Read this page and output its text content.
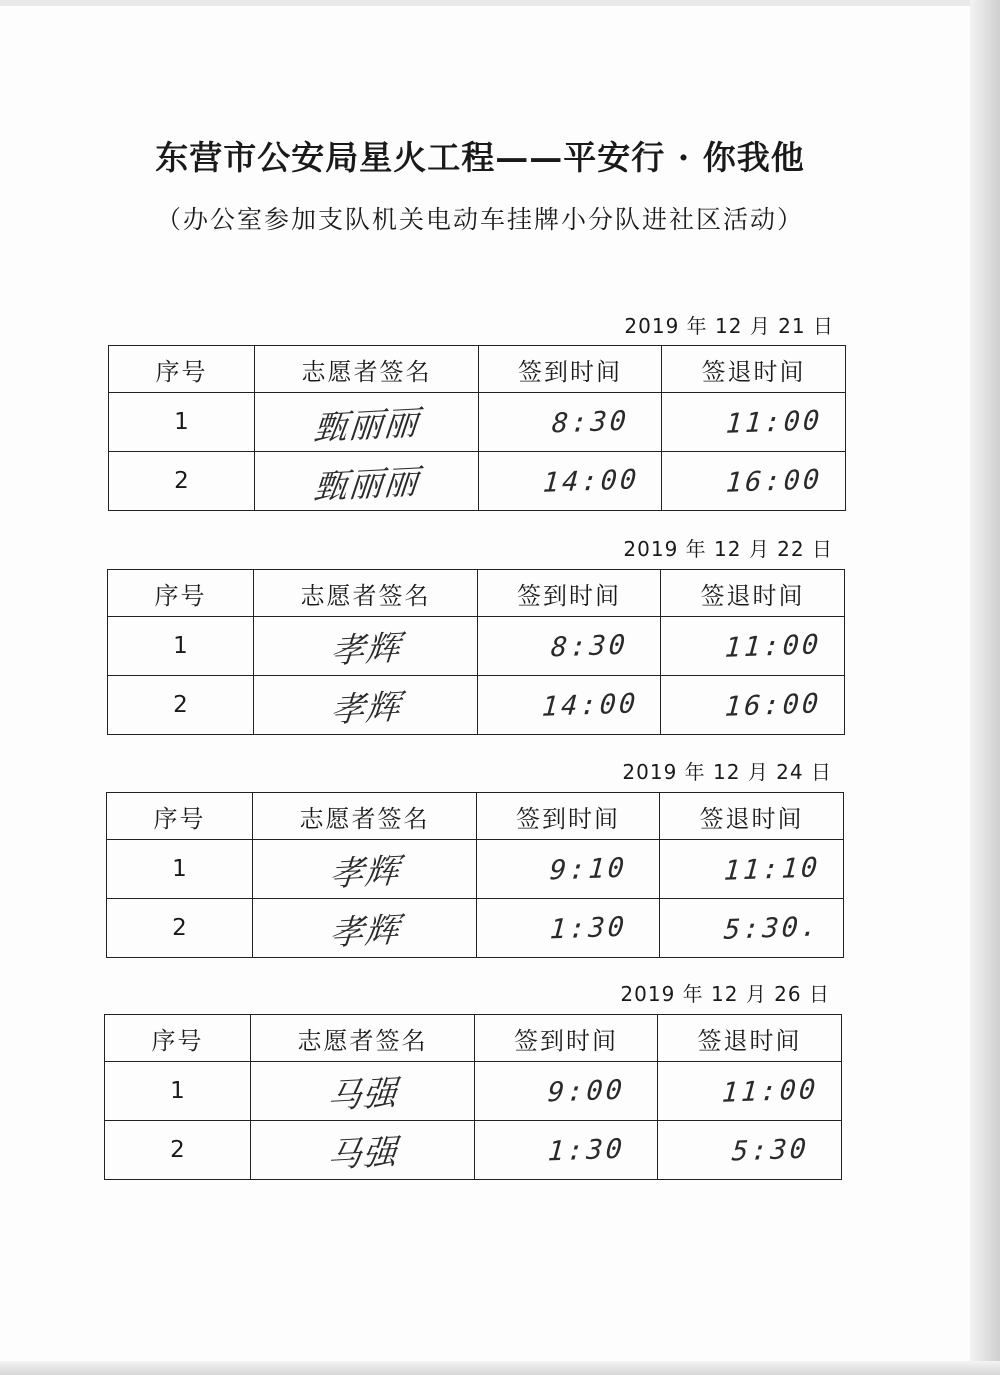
东营市公安局星火工程——平安行 · 你我他
（办公室参加支队机关电动车挂牌小分队进社区活动）
2019 年 12 月 21 日
序号	志愿者签名	签到时间	签退时间
1	甄丽丽	8:30	11:00
2	甄丽丽	14:00	16:00
2019 年 12 月 22 日
序号	志愿者签名	签到时间	签退时间
1	孝辉	8:30	11:00
2	孝辉	14:00	16:00
2019 年 12 月 24 日
序号	志愿者签名	签到时间	签退时间
1	孝辉	9:10	11:10
2	孝辉	1:30	5:30.
2019 年 12 月 26 日
序号	志愿者签名	签到时间	签退时间
1	马强	9:00	11:00
2	马强	1:30	5:30
